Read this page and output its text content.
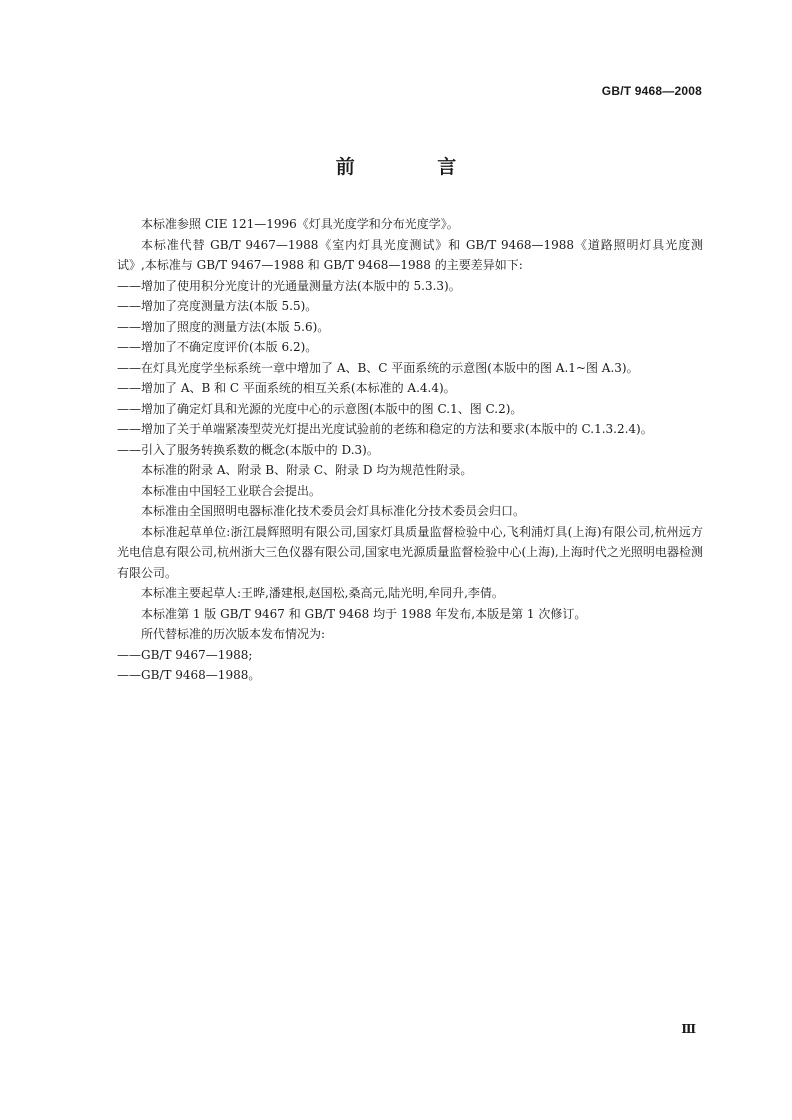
GB/T 9468—2008
前 言

本标准参照 CIE 121—1996《灯具光度学和分布光度学》。

本标准代替 GB/T 9467—1988《室内灯具光度测试》和 GB/T 9468—1988《道路照明灯具光度测试》,本标准与 GB/T 9467—1988 和 GB/T 9468—1988 的主要差异如下:

——增加了使用积分光度计的光通量测量方法(本版中的 5.3.3)。

——增加了亮度测量方法(本版 5.5)。

——增加了照度的测量方法(本版 5.6)。

——增加了不确定度评价(本版 6.2)。

——在灯具光度学坐标系统一章中增加了 A、B、C 平面系统的示意图(本版中的图 A.1~图 A.3)。

——增加了 A、B 和 C 平面系统的相互关系(本标准的 A.4.4)。

——增加了确定灯具和光源的光度中心的示意图(本版中的图 C.1、图 C.2)。

——增加了关于单端紧凑型荧光灯提出光度试验前的老练和稳定的方法和要求(本版中的 C.1.3.2.4)。

——引入了服务转换系数的概念(本版中的 D.3)。

本标准的附录 A、附录 B、附录 C、附录 D 均为规范性附录。

本标准由中国轻工业联合会提出。

本标准由全国照明电器标准化技术委员会灯具标准化分技术委员会归口。

本标准起草单位:浙江晨辉照明有限公司,国家灯具质量监督检验中心,飞利浦灯具(上海)有限公司,杭州远方光电信息有限公司,杭州浙大三色仪器有限公司,国家电光源质量监督检验中心(上海),上海时代之光照明电器检测有限公司。

本标准主要起草人:王晔,潘建根,赵国松,桑高元,陆光明,牟同升,李倩。

本标准第 1 版 GB/T 9467 和 GB/T 9468 均于 1988 年发布,本版是第 1 次修订。

所代替标准的历次版本发布情况为:

——GB/T 9467—1988;

——GB/T 9468—1988。

Ⅲ
